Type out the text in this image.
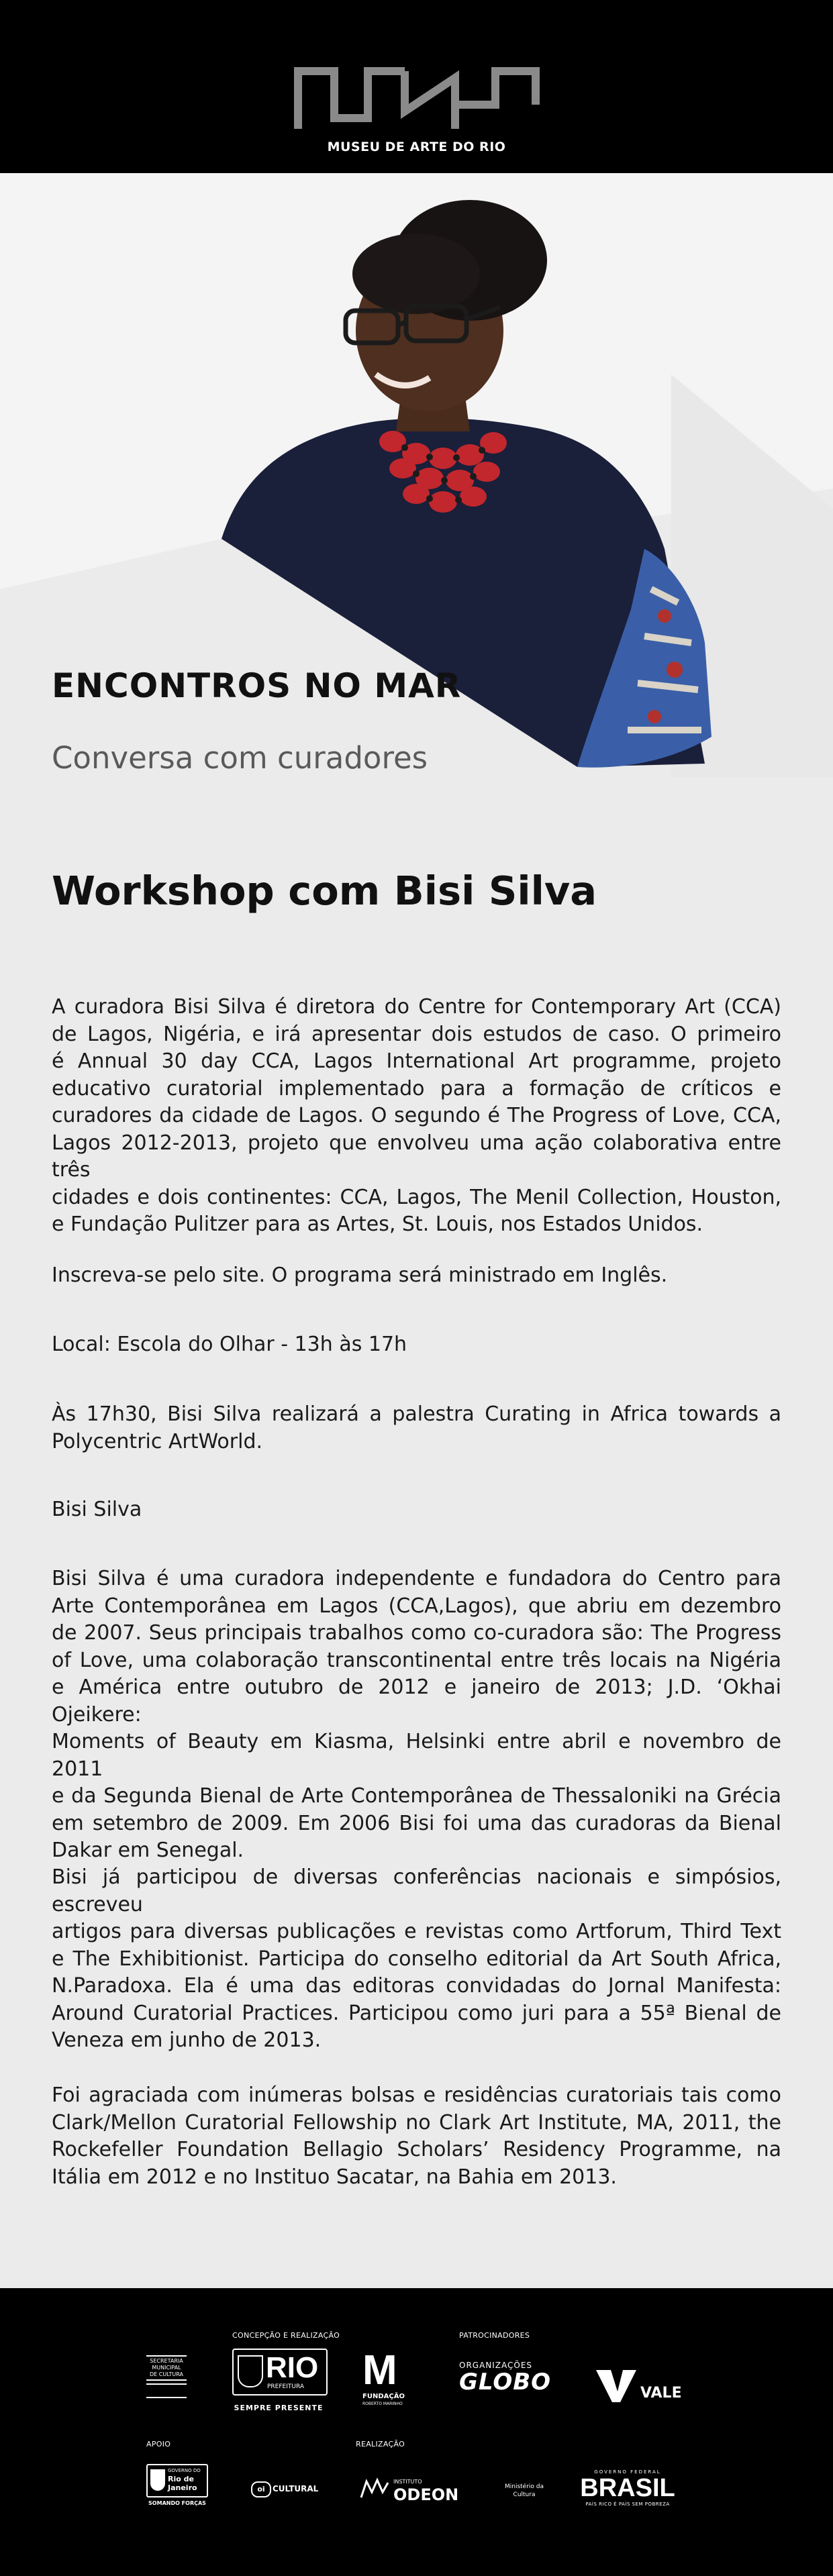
MUSEU DE ARTE DO RIO
ENCONTROS NO MAR
Conversa com curadores
Workshop com Bisi Silva
A curadora Bisi Silva é diretora do Centre for Contemporary Art (CCA)
de Lagos, Nigéria, e irá apresentar dois estudos de caso. O primeiro
é Annual 30 day CCA, Lagos International Art programme, projeto
educativo curatorial implementado para a formação de críticos e
curadores da cidade de Lagos. O segundo é The Progress of Love, CCA,
Lagos 2012-2013, projeto que envolveu uma ação colaborativa entre três
cidades e dois continentes: CCA, Lagos, The Menil Collection, Houston,
e Fundação Pulitzer para as Artes, St. Louis, nos Estados Unidos.
Inscreva-se pelo site. O programa será ministrado em Inglês.
Local: Escola do Olhar - 13h às 17h
Às 17h30, Bisi Silva realizará a palestra Curating in Africa towards a
Polycentric ArtWorld.
Bisi Silva
Bisi Silva é uma curadora independente e fundadora do Centro para
Arte Contemporânea em Lagos (CCA,Lagos), que abriu em dezembro
de 2007. Seus principais trabalhos como co-curadora são: The Progress
of Love, uma colaboração transcontinental entre três locais na Nigéria
e América entre outubro de 2012 e janeiro de 2013; J.D. ‘Okhai Ojeikere:
Moments of Beauty em Kiasma, Helsinki entre abril e novembro de 2011
e da Segunda Bienal de Arte Contemporânea de Thessaloniki na Grécia
em setembro de 2009. Em 2006 Bisi foi uma das curadoras da Bienal
Dakar em Senegal.
Bisi já participou de diversas conferências nacionais e simpósios, escreveu
artigos para diversas publicações e revistas como Artforum, Third Text
e The Exhibitionist. Participa do conselho editorial da Art South Africa,
N.Paradoxa. Ela é uma das editoras convidadas do Jornal Manifesta:
Around Curatorial Practices. Participou como juri para a 55ª Bienal de
Veneza em junho de 2013.
Foi agraciada com inúmeras bolsas e residências curatoriais tais como
Clark/Mellon Curatorial Fellowship no Clark Art Institute, MA, 2011, the
Rockefeller Foundation Bellagio Scholars’ Residency Programme, na
Itália em 2012 e no Instituo Sacatar, na Bahia em 2013.
CONCEPÇÃO E REALIZAÇÃO	PATROCINADORES
APOIO	REALIZAÇÃO
SECRETARIA
MUNICIPAL
DE CULTURA	RIO
PREFEITURA
SEMPRE PRESENTE
M
FUNDAÇÃO
ROBERTO MARINHO
ORGANIZAÇÕES
GLOBO	VALE
GOVERNO DO
Rio de
Janeiro
SOMANDO FORÇAS
oi CULTURAL
INSTITUTO
ODEON	Ministério da
Cultura
GOVERNO FEDERAL
BRASIL
PAÍS RICO É PAÍS SEM POBREZA
